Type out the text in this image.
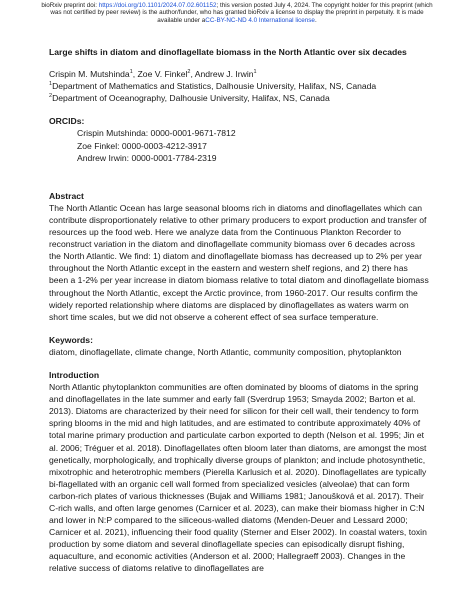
bioRxiv preprint doi: https://doi.org/10.1101/2024.07.02.601152; this version posted July 4, 2024. The copyright holder for this preprint (which
was not certified by peer review) is the author/funder, who has granted bioRxiv a license to display the preprint in perpetuity. It is made
available under aCC-BY-NC-ND 4.0 International license.

Large shifts in diatom and dinoflagellate biomass in the North Atlantic over six decades

Crispin M. Mutshinda$^1$, Zoe V. Finkel$^2$, Andrew J. Irwin$^1$
$^1$Department of Mathematics and Statistics, Dalhousie University, Halifax, NS, Canada
$^2$Department of Oceanography, Dalhousie University, Halifax, NS, Canada
ORCIDs:
Crispin Mutshinda: 0000-0001-9671-7812
Zoe Finkel: 0000-0003-4212-3917
Andrew Irwin: 0000-0001-7784-2319
Abstract

The North Atlantic Ocean has large seasonal blooms rich in diatoms and dinoflagellates which can contribute disproportionately relative to other primary producers to export production and transfer of resources up the food web. Here we analyze data from the Continuous Plankton Recorder to reconstruct variation in the diatom and dinoflagellate community biomass over 6 decades across the North Atlantic. We find: 1) diatom and dinoflagellate biomass has decreased up to 2% per year throughout the North Atlantic except in the eastern and western shelf regions, and 2) there has been a 1-2% per year increase in diatom biomass relative to total diatom and dinoflagellate biomass throughout the North Atlantic, except the Arctic province, from 1960-2017. Our results confirm the widely reported relationship where diatoms are displaced by dinoflagellates as waters warm on short time scales, but we did not observe a coherent effect of sea surface temperature.

Keywords:

diatom, dinoflagellate, climate change, North Atlantic, community composition, phytoplankton

Introduction

North Atlantic phytoplankton communities are often dominated by blooms of diatoms in the spring and dinoflagellates in the late summer and early fall (Sverdrup 1953; Smayda 2002; Barton et al. 2013). Diatoms are characterized by their need for silicon for their cell wall, their tendency to form spring blooms in the mid and high latitudes, and are estimated to contribute approximately 40% of total marine primary production and particulate carbon exported to depth (Nelson et al. 1995; Jin et al. 2006; Tréguer et al. 2018). Dinoflagellates often bloom later than diatoms, are amongst the most genetically, morphologically, and trophically diverse groups of plankton; and include photosynthetic, mixotrophic and heterotrophic members (Pierella Karlusich et al. 2020). Dinoflagellates are typically bi-flagellated with an organic cell wall formed from specialized vesicles (alveolae) that can form carbon-rich plates of various thicknesses (Bujak and Williams 1981; Janoušková et al. 2017). Their C-rich walls, and often large genomes (Carnicer et al. 2023), can make their biomass higher in C:N and lower in N:P compared to the siliceous-walled diatoms (Menden-Deuer and Lessard 2000; Carnicer et al. 2021), influencing their food quality (Sterner and Elser 2002). In coastal waters, toxin production by some diatom and several dinoflagellate species can episodically disrupt fishing, aquaculture, and economic activities (Anderson et al. 2000; Hallegraeff 2003). Changes in the relative success of diatoms relative to dinoflagellates are
